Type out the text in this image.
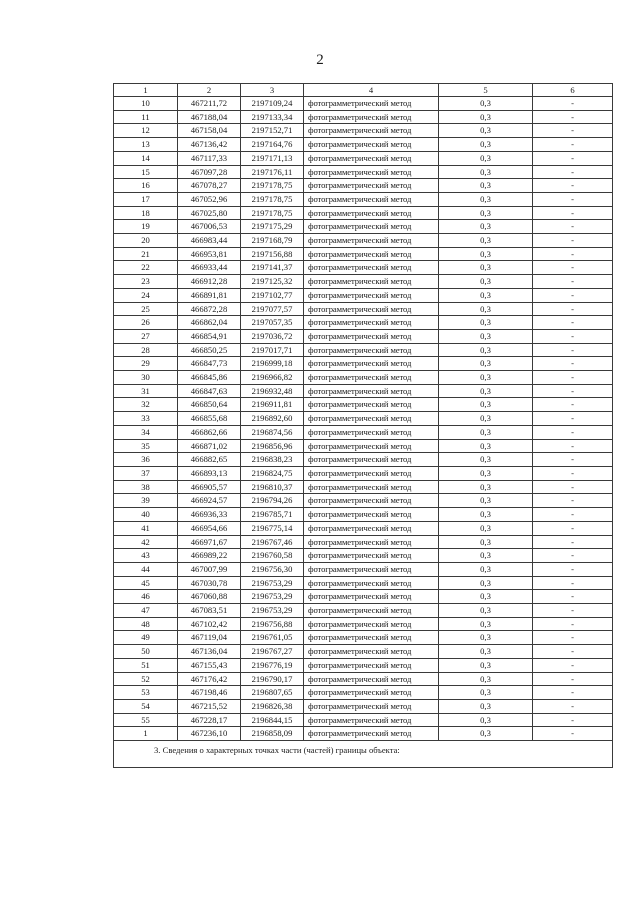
2
1	2	3	4	5	6
10	467211,72	2197109,24	фотограмметрический метод	0,3	-
11	467188,04	2197133,34	фотограмметрический метод	0,3	-
12	467158,04	2197152,71	фотограмметрический метод	0,3	-
13	467136,42	2197164,76	фотограмметрический метод	0,3	-
14	467117,33	2197171,13	фотограмметрический метод	0,3	-
15	467097,28	2197176,11	фотограмметрический метод	0,3	-
16	467078,27	2197178,75	фотограмметрический метод	0,3	-
17	467052,96	2197178,75	фотограмметрический метод	0,3	-
18	467025,80	2197178,75	фотограмметрический метод	0,3	-
19	467006,53	2197175,29	фотограмметрический метод	0,3	-
20	466983,44	2197168,79	фотограмметрический метод	0,3	-
21	466953,81	2197156,88	фотограмметрический метод	0,3	-
22	466933,44	2197141,37	фотограмметрический метод	0,3	-
23	466912,28	2197125,32	фотограмметрический метод	0,3	-
24	466891,81	2197102,77	фотограмметрический метод	0,3	-
25	466872,28	2197077,57	фотограмметрический метод	0,3	-
26	466862,04	2197057,35	фотограмметрический метод	0,3	-
27	466854,91	2197036,72	фотограмметрический метод	0,3	-
28	466850,25	2197017,71	фотограмметрический метод	0,3	-
29	466847,73	2196999,18	фотограмметрический метод	0,3	-
30	466845,86	2196966,82	фотограмметрический метод	0,3	-
31	466847,63	2196932,48	фотограмметрический метод	0,3	-
32	466850,64	2196911,81	фотограмметрический метод	0,3	-
33	466855,68	2196892,60	фотограмметрический метод	0,3	-
34	466862,66	2196874,56	фотограмметрический метод	0,3	-
35	466871,02	2196856,96	фотограмметрический метод	0,3	-
36	466882,65	2196838,23	фотограмметрический метод	0,3	-
37	466893,13	2196824,75	фотограмметрический метод	0,3	-
38	466905,57	2196810,37	фотограмметрический метод	0,3	-
39	466924,57	2196794,26	фотограмметрический метод	0,3	-
40	466936,33	2196785,71	фотограмметрический метод	0,3	-
41	466954,66	2196775,14	фотограмметрический метод	0,3	-
42	466971,67	2196767,46	фотограмметрический метод	0,3	-
43	466989,22	2196760,58	фотограмметрический метод	0,3	-
44	467007,99	2196756,30	фотограмметрический метод	0,3	-
45	467030,78	2196753,29	фотограмметрический метод	0,3	-
46	467060,88	2196753,29	фотограмметрический метод	0,3	-
47	467083,51	2196753,29	фотограмметрический метод	0,3	-
48	467102,42	2196756,88	фотограмметрический метод	0,3	-
49	467119,04	2196761,05	фотограмметрический метод	0,3	-
50	467136,04	2196767,27	фотограмметрический метод	0,3	-
51	467155,43	2196776,19	фотограмметрический метод	0,3	-
52	467176,42	2196790,17	фотограмметрический метод	0,3	-
53	467198,46	2196807,65	фотограмметрический метод	0,3	-
54	467215,52	2196826,38	фотограмметрический метод	0,3	-
55	467228,17	2196844,15	фотограмметрический метод	0,3	-
1	467236,10	2196858,09	фотограмметрический метод	0,3	-
3. Сведения о характерных точках части (частей) границы объекта:					
